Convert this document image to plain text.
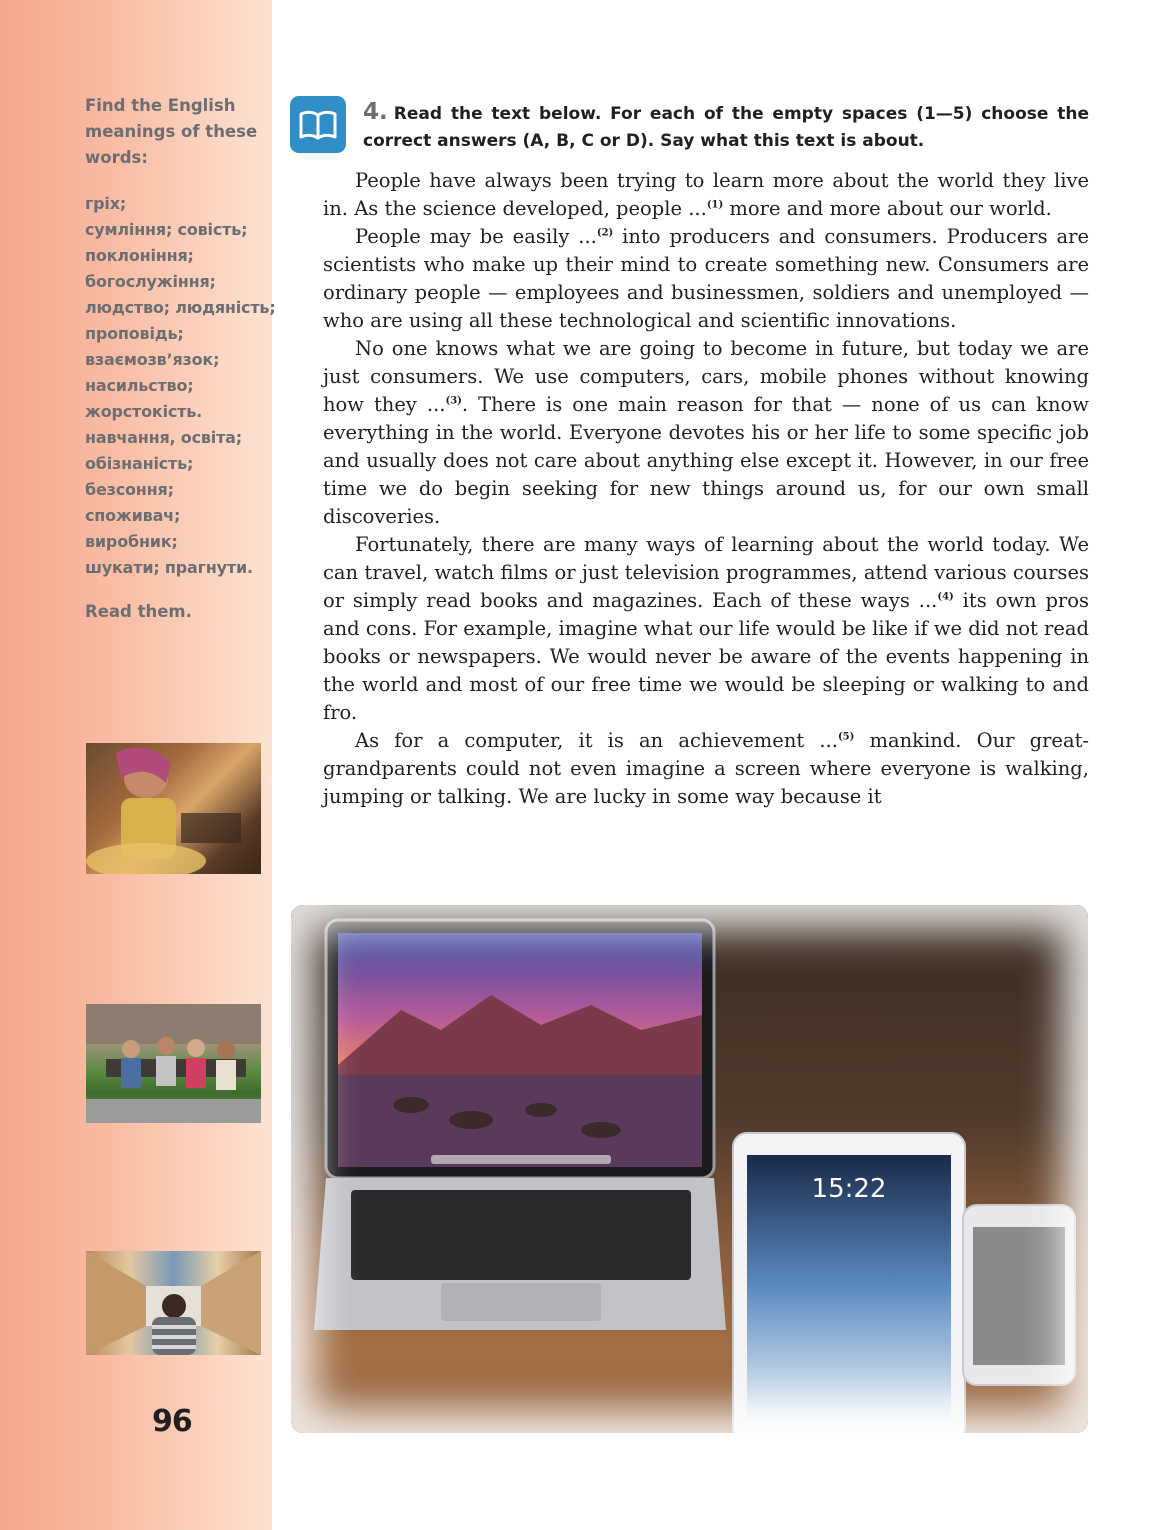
Find the English meanings of these words:
гріх;
сумління; совість;
поклоніння;
богослужіння;
людство; людяність;
проповідь;
взаємозв’язок;
насильство;
жорстокість.
навчання, освіта;
обізнаність;
безсоння;
споживач;
виробник;
шукати; прагнути.
Read them.
96
4. Read the text below. For each of the empty spaces (1—5) choose the correct answers (A, B, C or D). Say what this text is about.

People have always been trying to learn more about the world they live in. As the science developed, people ...$^{(1)}$ more and more about our world.

People may be easily ...$^{(2)}$ into producers and consumers. Producers are scientists who make up their mind to create something new. Consumers are ordinary people — employees and businessmen, soldiers and unemployed — who are using all these technological and scientific innovations.

No one knows what we are going to become in future, but today we are just consumers. We use computers, cars, mobile phones without knowing how they ...$^{(3)}$. There is one main reason for that — none of us can know everything in the world. Everyone devotes his or her life to some specific job and usually does not care about anything else except it. However, in our free time we do begin seeking for new things around us, for our own small discoveries.

Fortunately, there are many ways of learning about the world today. We can travel, watch films or just television programmes, attend various courses or simply read books and magazines. Each of these ways ...$^{(4)}$ its own pros and cons. For example, imagine what our life would be like if we did not read books or newspapers. We would never be aware of the events happening in the world and most of our free time we would be sleeping or walking to and fro.

As for a computer, it is an achievement ...$^{(5)}$ mankind. Our great-grandparents could not even imagine a screen where everyone is walking, jumping or talking. We are lucky in some way because it

15:22
